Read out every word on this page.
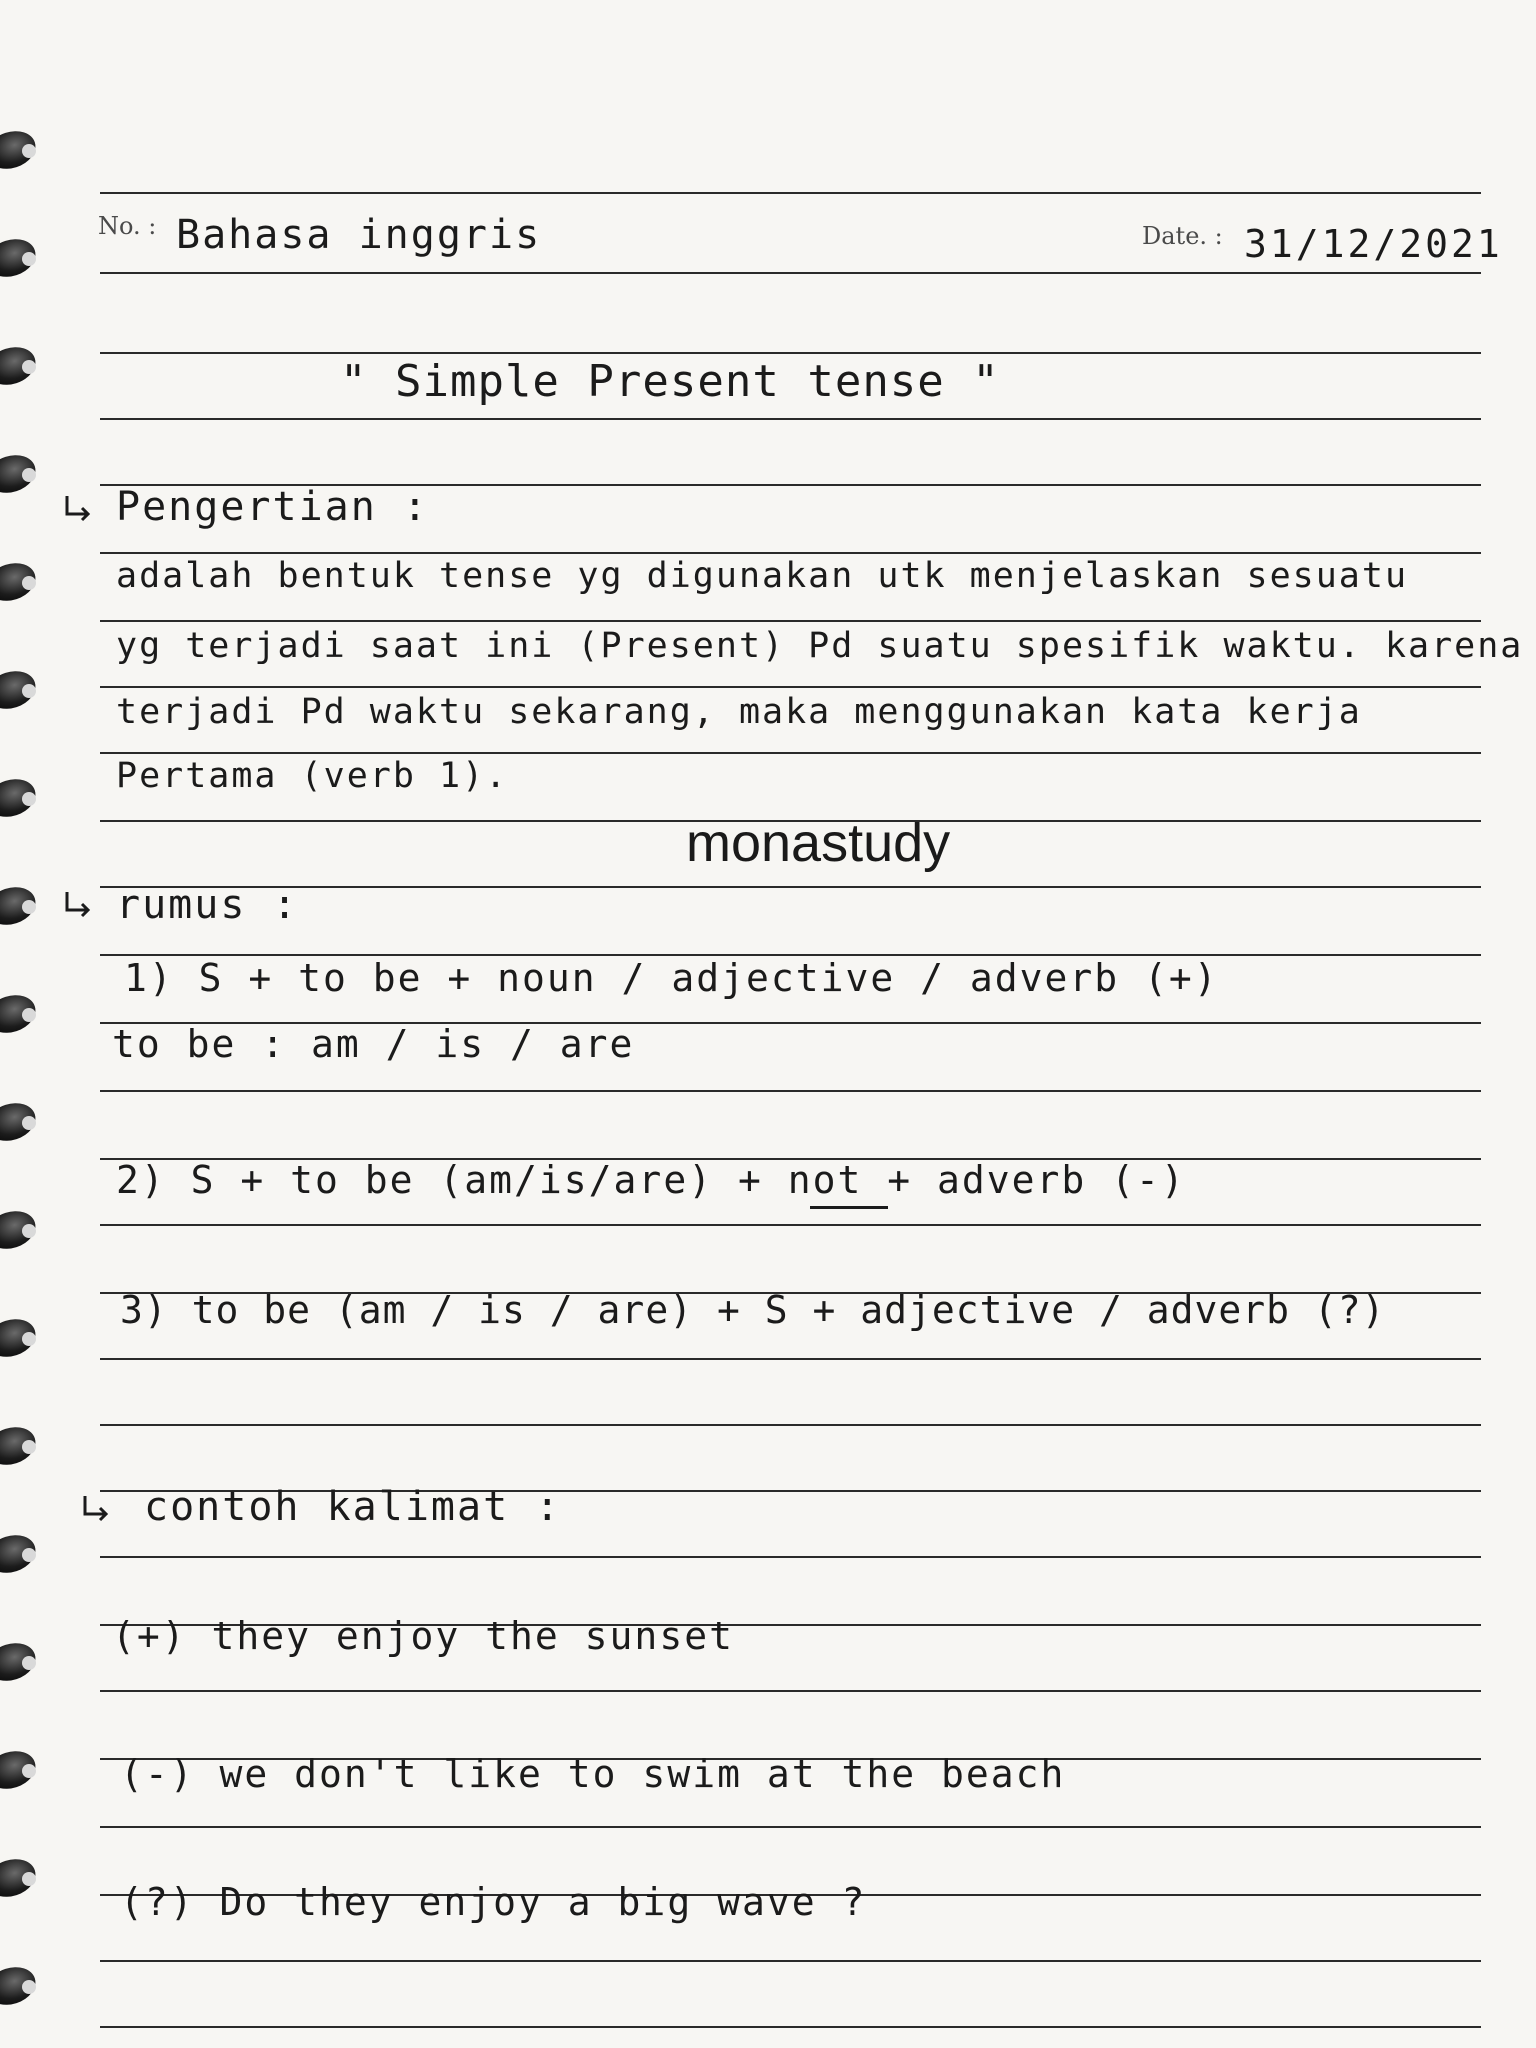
No. : Bahasa inggris	Date. : 31/12/2021
" Simple Present tense "
Pengertian :
adalah bentuk tense yg digunakan utk menjelaskan sesuatu
yg terjadi saat ini (Present) Pd suatu spesifik waktu. karena
terjadi Pd waktu sekarang, maka menggunakan kata kerja
Pertama (verb 1).
monastudy
rumus :
1) S + to be + noun / adjective / adverb (+)
to be : am / is / are
2) S + to be (am/is/are) + not + adverb (-)
3) to be (am / is / are) + S + adjective / adverb (?)
contoh kalimat :
(+) they enjoy the sunset
(-) we don't like to swim at the beach
(?) Do they enjoy a big wave ?
